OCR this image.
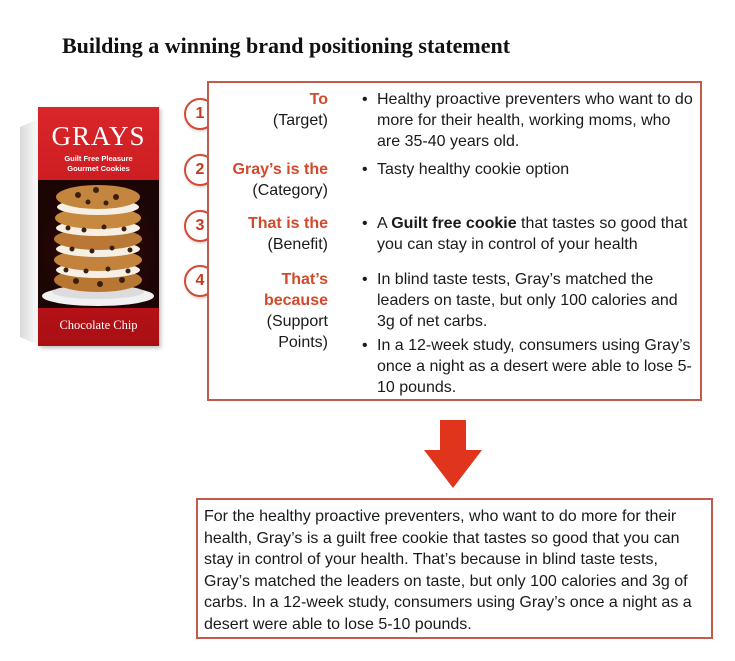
Building a winning brand positioning statement
GRAYS
Guilt Free Pleasure
Gourmet Cookies
Chocolate Chip
1
2
3
4
To
(Target)
• Healthy proactive preventers who want to do more for their health, working moms, who are 35-40 years old.
Gray’s is the
(Category)
• Tasty healthy cookie option
That is the
(Benefit)
• A Guilt free cookie that tastes so good that you can stay in control of your health
That’s
because
(Support
Points)
• In blind taste tests, Gray’s matched the leaders on taste, but only 100 calories and 3g of net carbs.
• In a 12-week study, consumers using Gray’s once a night as a desert were able to lose 5-10 pounds.
For the healthy proactive preventers, who want to do more for their health, Gray’s is a guilt free cookie that tastes so good that you can stay in control of your health. That’s because in blind taste tests, Gray’s matched the leaders on taste, but only 100 calories and 3g of carbs. In a 12-week study, consumers using Gray’s once a night as a desert were able to lose 5-10 pounds.
